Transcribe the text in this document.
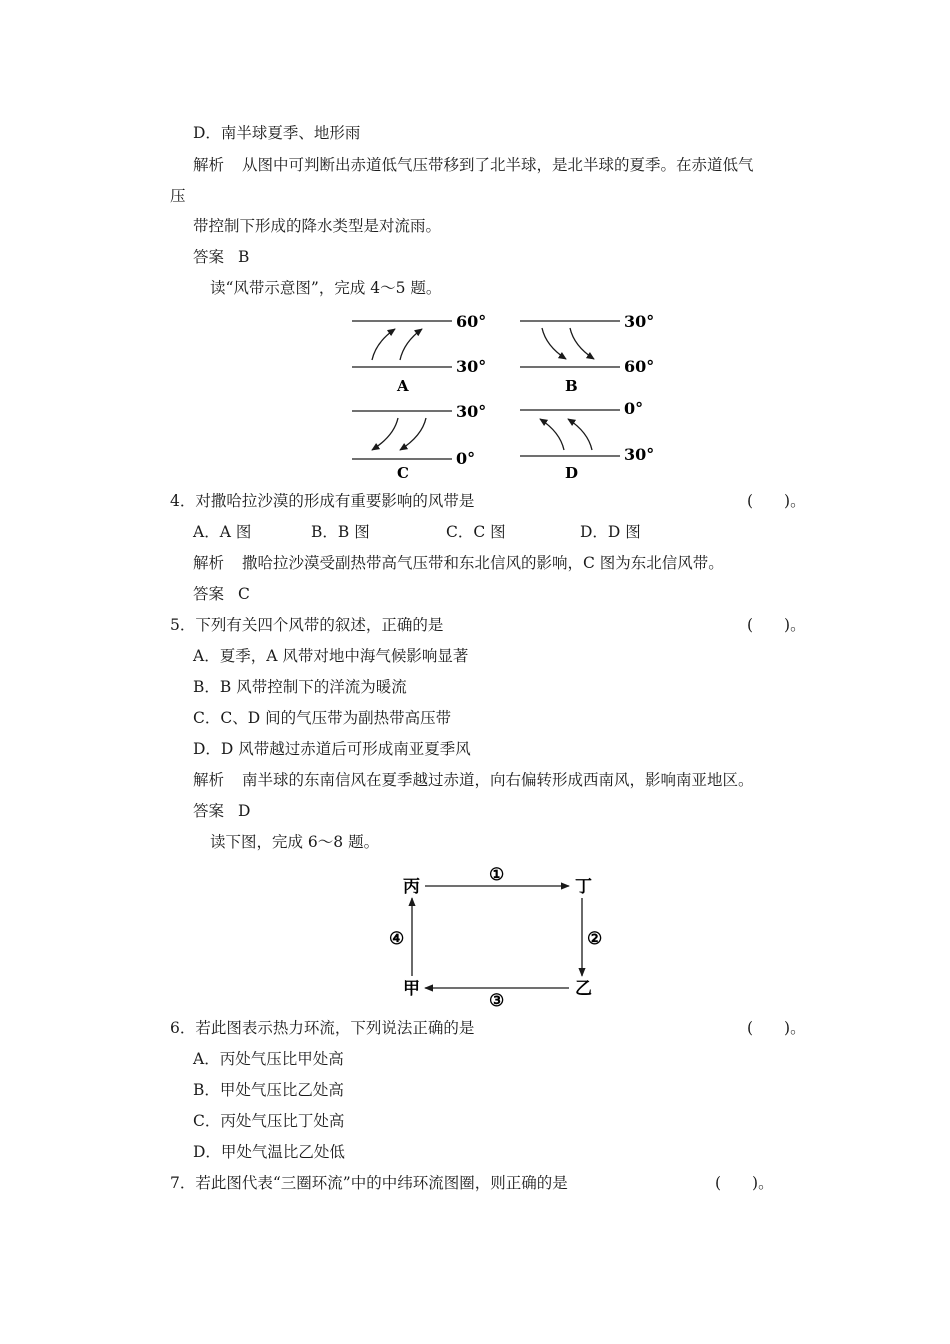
D．南半球夏季、地形雨
解析 从图中可判断出赤道低气压带移到了北半球，是北半球的夏季。在赤道低气
压
带控制下形成的降水类型是对流雨。
答案 B
读“风带示意图”，完成 4～5 题。
60°
30°
A
30°
60°
B
30°
0°
C
0°
30°
D
4．对撒哈拉沙漠的形成有重要影响的风带是	(　　)。
A．A 图	B．B 图	C．C 图	D．D 图
解析 撒哈拉沙漠受副热带高气压带和东北信风的影响，C 图为东北信风带。
答案 C
5．下列有关四个风带的叙述，正确的是	(　　)。
A．夏季，A 风带对地中海气候影响显著
B．B 风带控制下的洋流为暖流
C．C、D 间的气压带为副热带高压带
D．D 风带越过赤道后可形成南亚夏季风
解析 南半球的东南信风在夏季越过赤道，向右偏转形成西南风，影响南亚地区。
答案 D
读下图，完成 6～8 题。
丙	丁
甲	乙
①
②
③
④
6．若此图表示热力环流，下列说法正确的是	(　　)。
A．丙处气压比甲处高
B．甲处气压比乙处高
C．丙处气压比丁处高
D．甲处气温比乙处低
7．若此图代表“三圈环流”中的中纬环流图圈，则正确的是	(　　)。
